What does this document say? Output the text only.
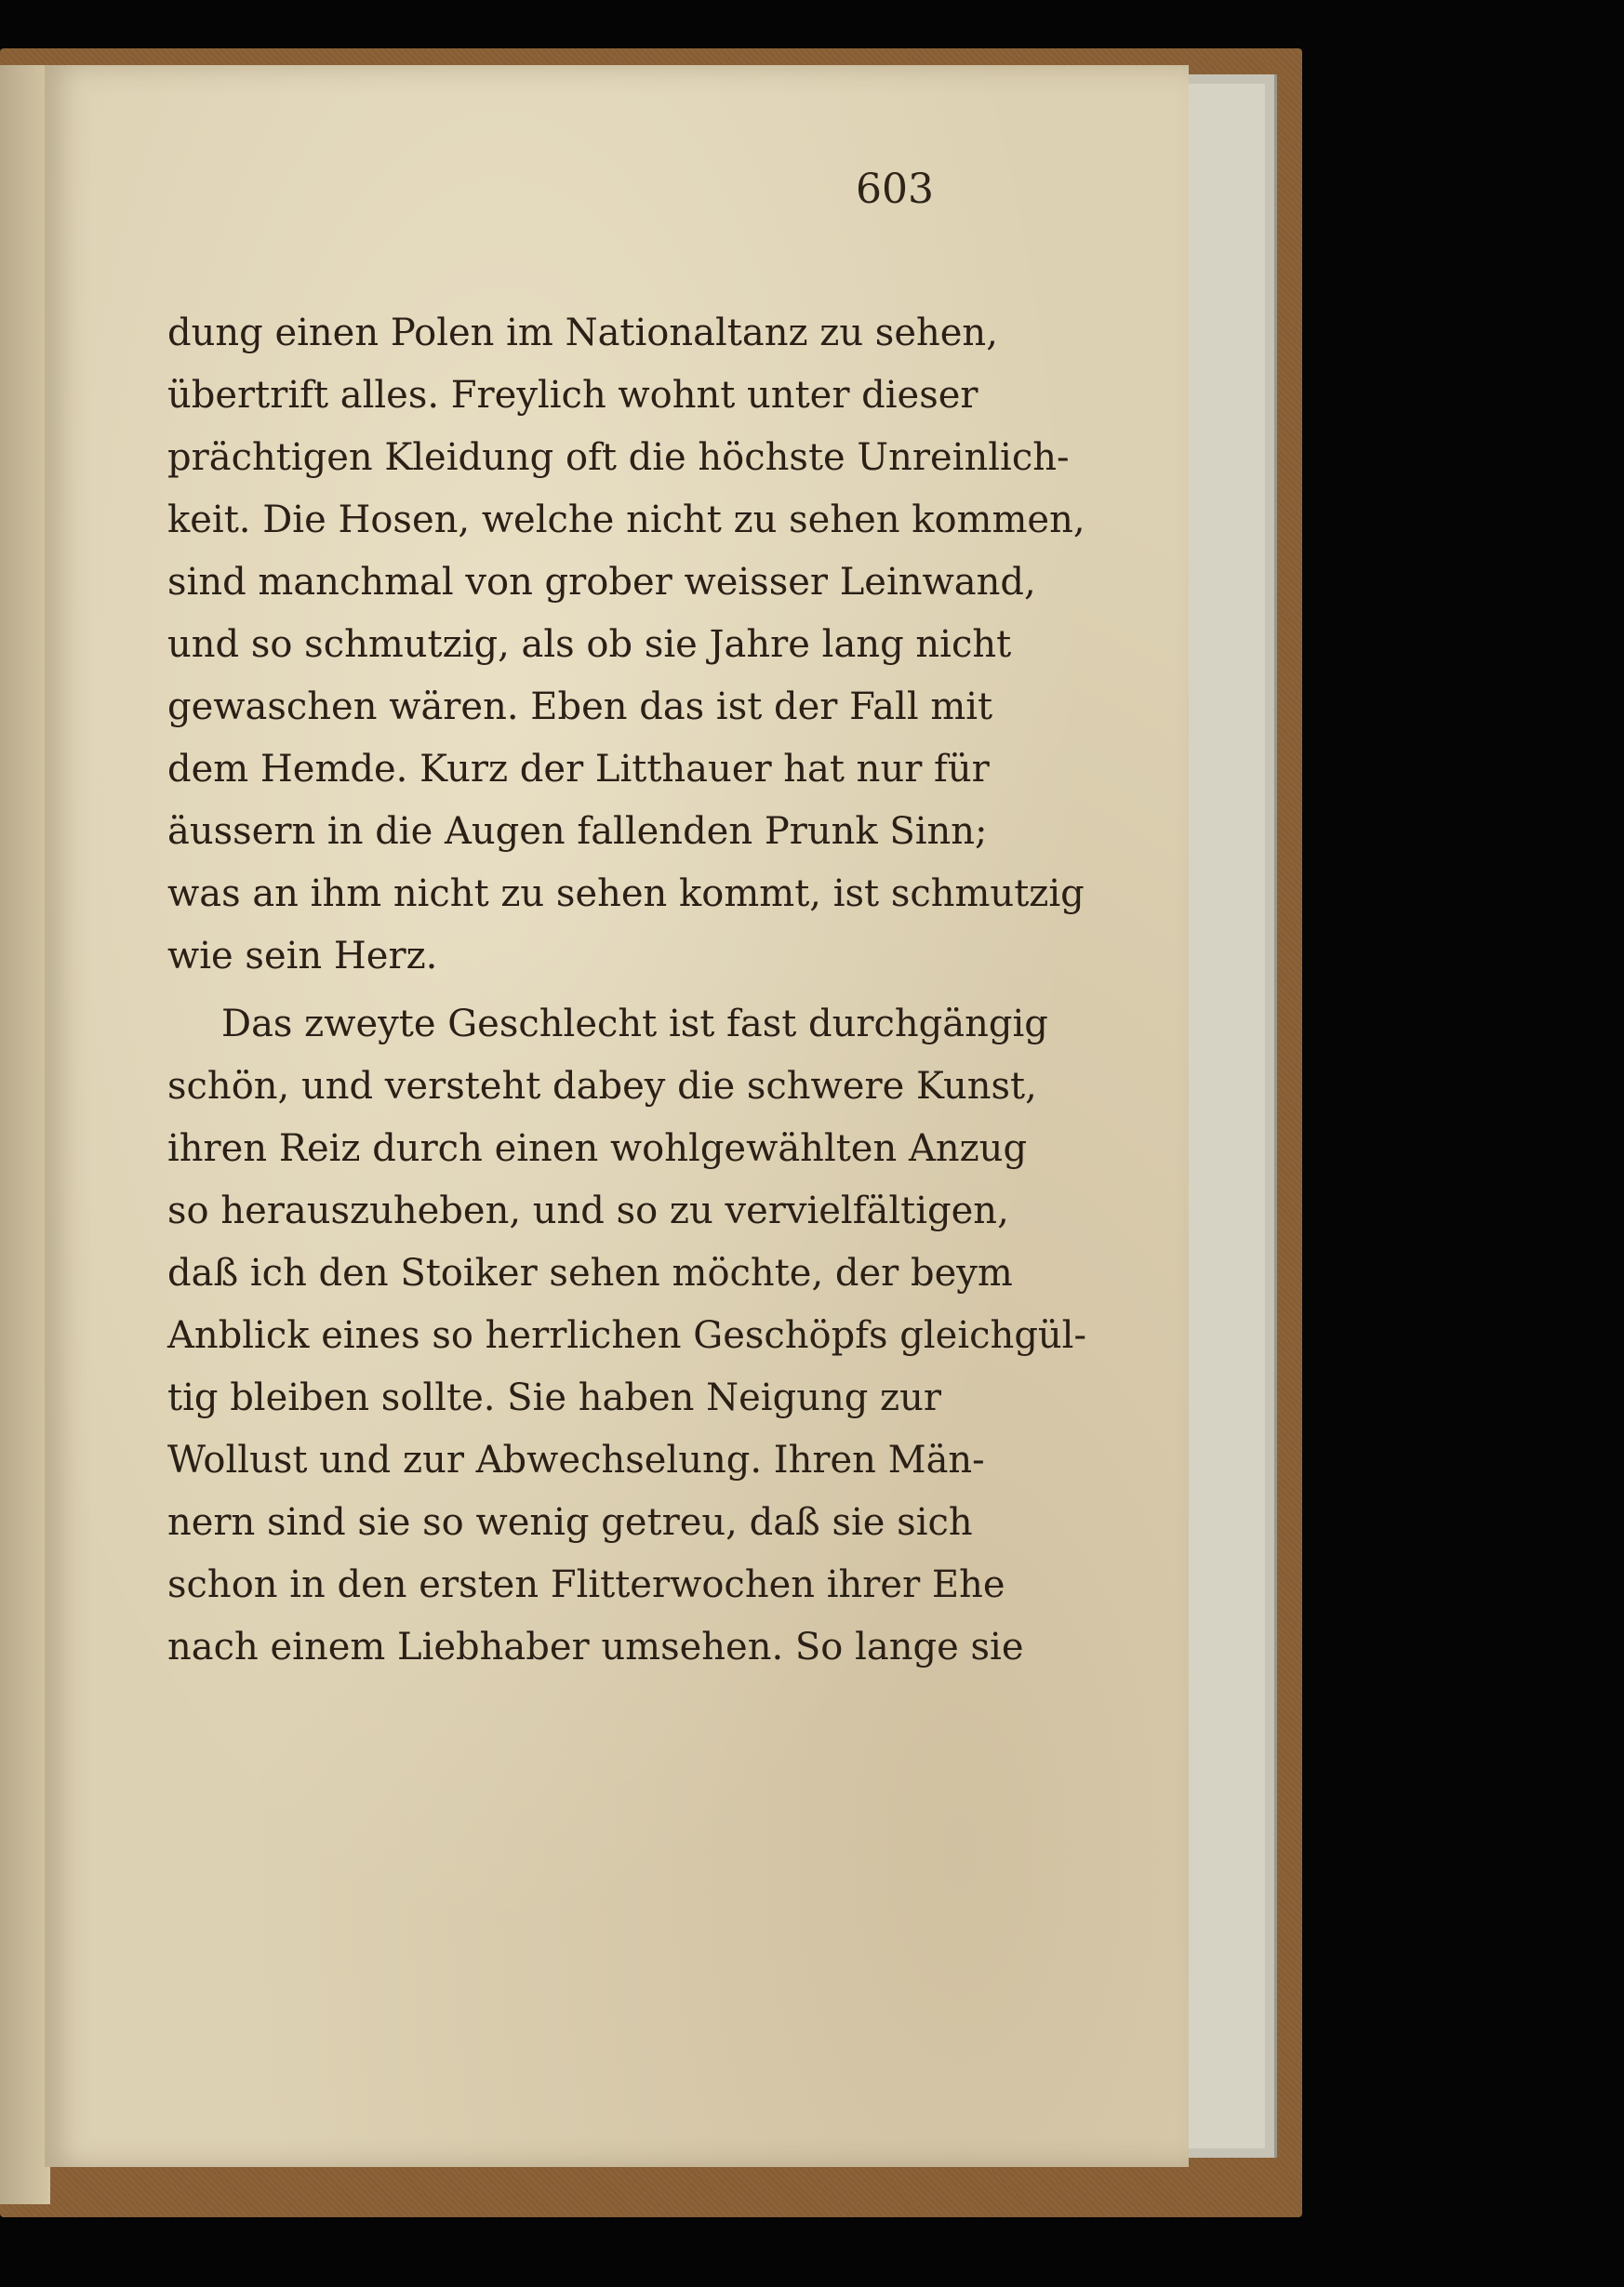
603
dung einen Polen im Nationaltanz zu sehen,
übertrift alles. Freylich wohnt unter dieser
prächtigen Kleidung oft die höchste Unreinlich-
keit. Die Hosen, welche nicht zu sehen kommen,
sind manchmal von grober weisser Leinwand,
und so schmutzig, als ob sie Jahre lang nicht
gewaschen wären. Eben das ist der Fall mit
dem Hemde. Kurz der Litthauer hat nur für
äussern in die Augen fallenden Prunk Sinn;
was an ihm nicht zu sehen kommt, ist schmutzig
wie sein Herz.
Das zweyte Geschlecht ist fast durchgängig
schön, und versteht dabey die schwere Kunst,
ihren Reiz durch einen wohlgewählten Anzug
so herauszuheben, und so zu vervielfältigen,
daß ich den Stoiker sehen möchte, der beym
Anblick eines so herrlichen Geschöpfs gleichgül-
tig bleiben sollte. Sie haben Neigung zur
Wollust und zur Abwechselung. Ihren Män-
nern sind sie so wenig getreu, daß sie sich
schon in den ersten Flitterwochen ihrer Ehe
nach einem Liebhaber umsehen. So lange sie
